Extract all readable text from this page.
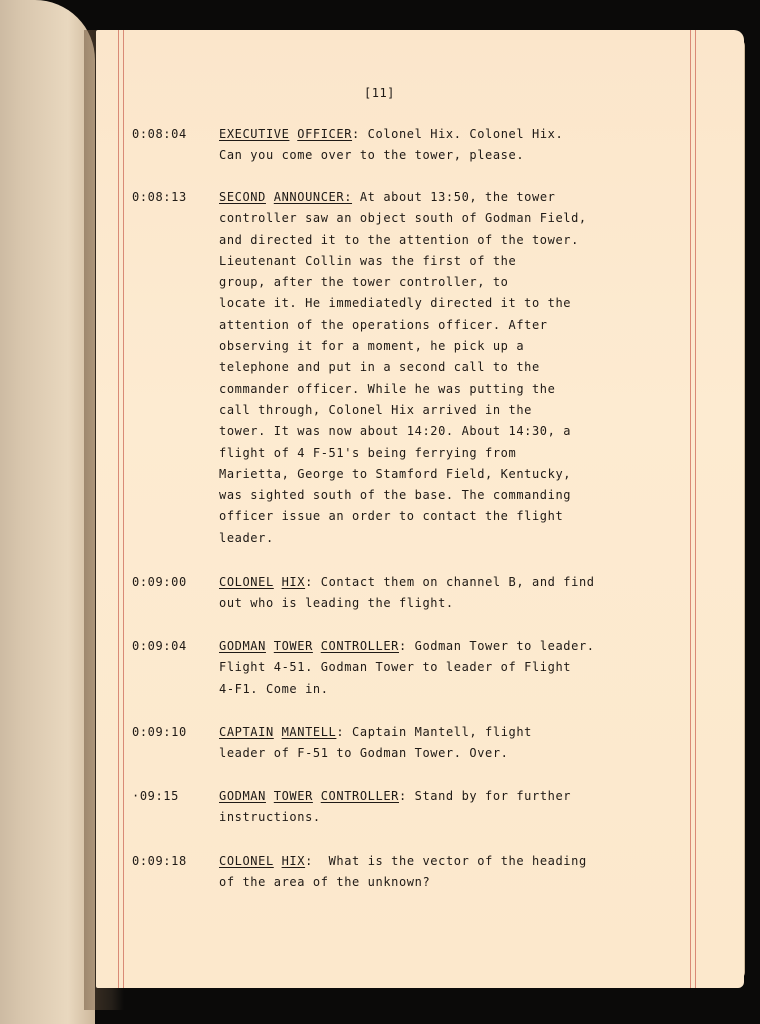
[11]
0:08:04	EXECUTIVE OFFICER: Colonel Hix. Colonel Hix.
Can you come over to the tower, please.
0:08:13	SECOND ANNOUNCER: At about 13:50, the tower
controller saw an object south of Godman Field,
and directed it to the attention of the tower.
Lieutenant Collin was the first of the
group, after the tower controller, to
locate it. He immediatedly directed it to the
attention of the operations officer. After
observing it for a moment, he pick up a
telephone and put in a second call to the
commander officer. While he was putting the
call through, Colonel Hix arrived in the
tower. It was now about 14:20. About 14:30, a
flight of 4 F-51's being ferrying from
Marietta, George to Stamford Field, Kentucky,
was sighted south of the base. The commanding
officer issue an order to contact the flight
leader.
0:09:00	COLONEL HIX: Contact them on channel B, and find
out who is leading the flight.
0:09:04	GODMAN TOWER CONTROLLER: Godman Tower to leader.
Flight 4-51. Godman Tower to leader of Flight
4-F1. Come in.
0:09:10	CAPTAIN MANTELL: Captain Mantell, flight
leader of F-51 to Godman Tower. Over.
·09:15	GODMAN TOWER CONTROLLER: Stand by for further
instructions.
0:09:18	COLONEL HIX:  What is the vector of the heading
of the area of the unknown?
